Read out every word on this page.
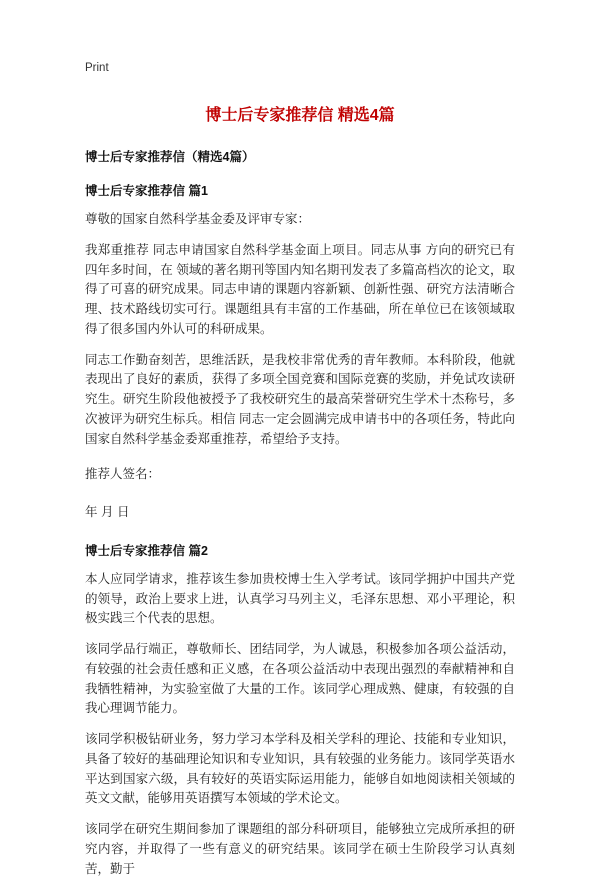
Print
博士后专家推荐信 精选4篇
博士后专家推荐信（精选4篇）
博士后专家推荐信 篇1

尊敬的国家自然科学基金委及评审专家：

我郑重推荐 同志申请国家自然科学基金面上项目。同志从事 方向的研究已有四年多时间，在 领域的著名期刊等国内知名期刊发表了多篇高档次的论文，取得了可喜的研究成果。同志申请的课题内容新颖、创新性强、研究方法清晰合理、技术路线切实可行。课题组具有丰富的工作基础，所在单位已在该领域取得了很多国内外认可的科研成果。

同志工作勤奋刻苦，思维活跃，是我校非常优秀的青年教师。本科阶段，他就表现出了良好的素质，获得了多项全国竞赛和国际竞赛的奖励，并免试攻读研究生。研究生阶段他被授予了我校研究生的最高荣誉研究生学术十杰称号，多次被评为研究生标兵。相信 同志一定会圆满完成申请书中的各项任务，特此向国家自然科学基金委郑重推荐，希望给予支持。

推荐人签名：

年 月 日

博士后专家推荐信 篇2

本人应同学请求，推荐该生参加贵校博士生入学考试。该同学拥护中国共产党的领导，政治上要求上进，认真学习马列主义，毛泽东思想、邓小平理论，积极实践三个代表的思想。

该同学品行端正，尊敬师长、团结同学，为人诚恳，积极参加各项公益活动，有较强的社会责任感和正义感，在各项公益活动中表现出强烈的奉献精神和自我牺牲精神，为实验室做了大量的工作。该同学心理成熟、健康，有较强的自我心理调节能力。

该同学积极钻研业务，努力学习本学科及相关学科的理论、技能和专业知识，具备了较好的基础理论知识和专业知识，具有较强的业务能力。该同学英语水平达到国家六级，具有较好的英语实际运用能力，能够自如地阅读相关领域的英文文献，能够用英语撰写本领域的学术论文。

该同学在研究生期间参加了课题组的部分科研项目，能够独立完成所承担的研究内容，并取得了一些有意义的研究结果。该同学在硕士生阶段学习认真刻苦，勤于
